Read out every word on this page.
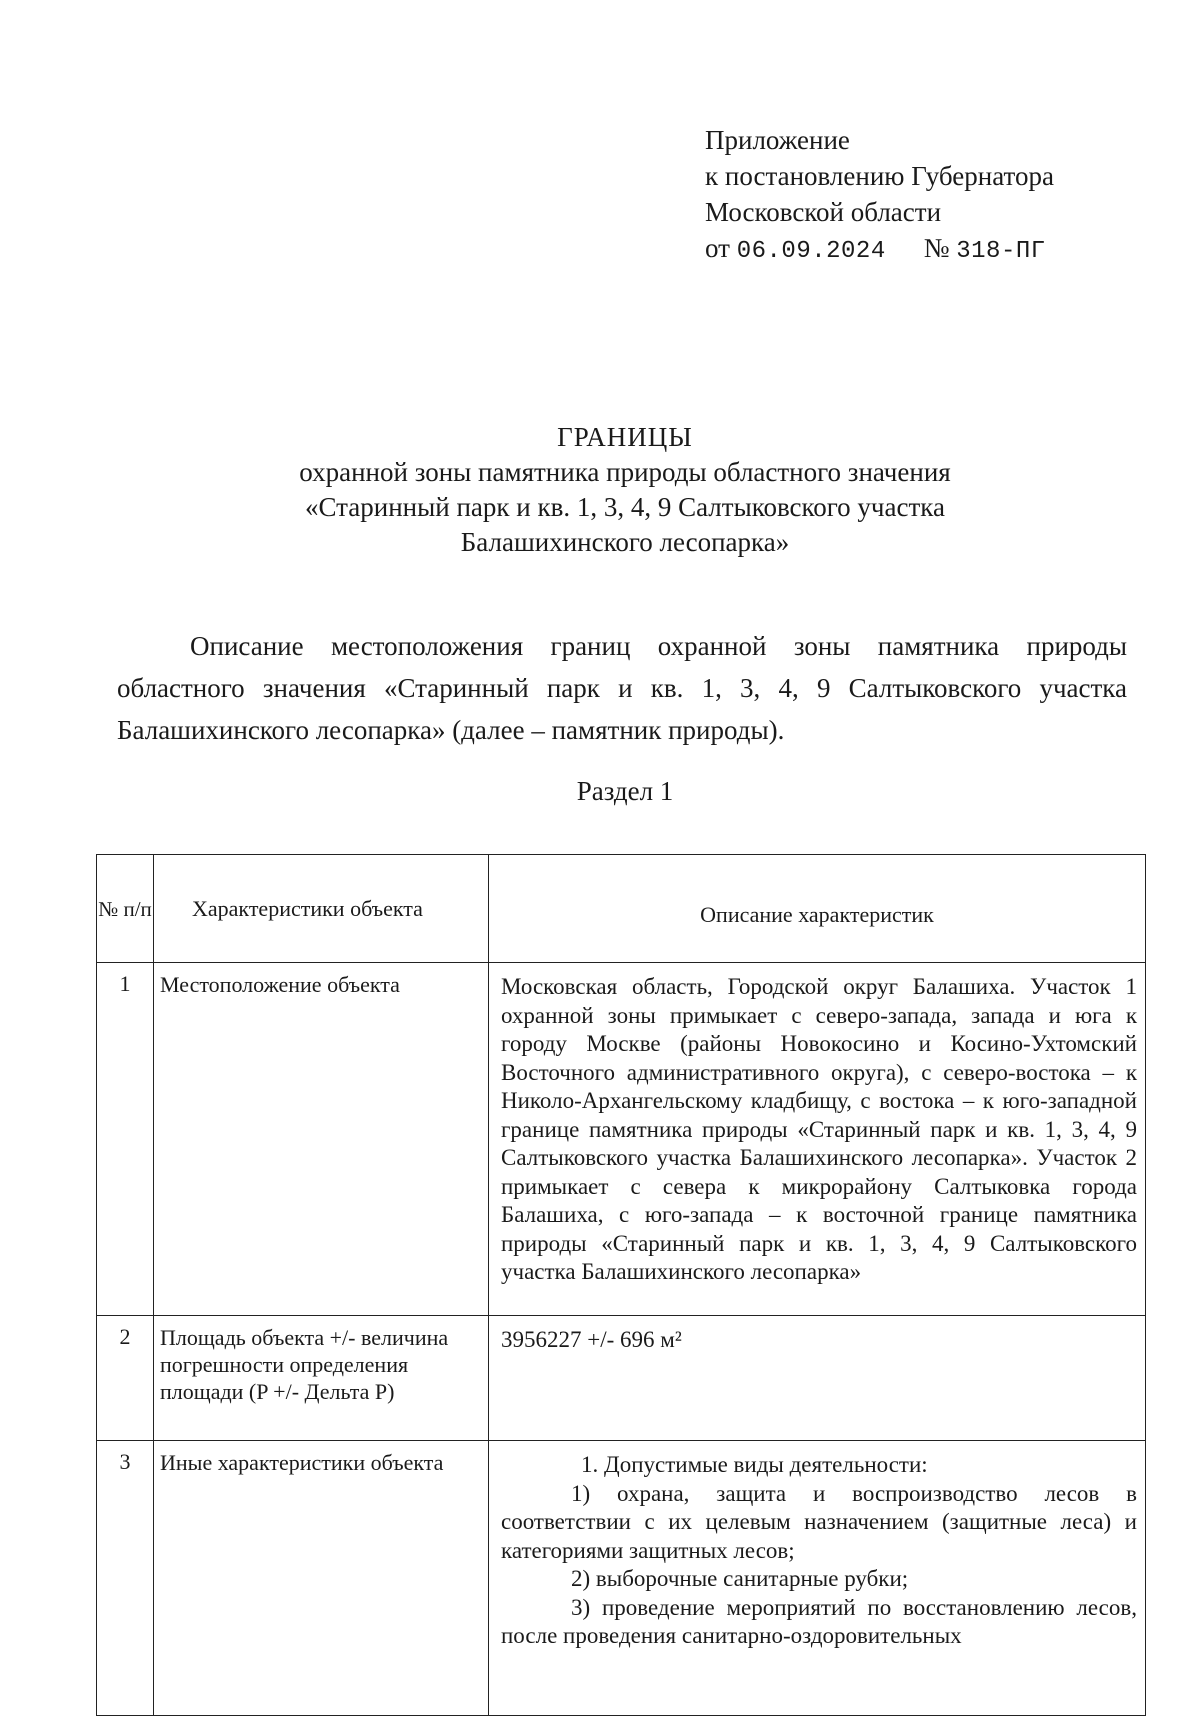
Приложение
к постановлению Губернатора
Московской области
от 06.09.2024 № 318-ПГ
ГРАНИЦЫ
охранной зоны памятника природы областного значения
«Старинный парк и кв. 1, 3, 4, 9 Салтыковского участка
Балашихинского лесопарка»
Описание местоположения границ охранной зоны памятника природы областного значения «Старинный парк и кв. 1, 3, 4, 9 Салтыковского участка Балашихинского лесопарка» (далее – памятник природы).
Раздел 1
№ п/п	Характеристики объекта	Описание характеристик
1	Местоположение объекта	Московская область, Городской округ Балашиха. Участок 1 охранной зоны примыкает с северо-запада, запада и юга к городу Москве (районы Новокосино и Косино-Ухтомский Восточного административного округа), с северо-востока – к Николо-Архангельскому кладбищу, с востока – к юго-западной границе памятника природы «Старинный парк и кв. 1, 3, 4, 9 Салтыковского участка Балашихинского лесопарка». Участок 2 примыкает с севера к микрорайону Салтыковка города Балашиха, с юго-запада – к восточной границе памятника природы «Старинный парк и кв. 1, 3, 4, 9 Салтыковского участка Балашихинского лесопарка»
2	Площадь объекта +/- величина погрешности определения площади (P +/- Дельта P)	3956227 +/- 696 м²
3	Иные характеристики объекта	1. Допустимые виды деятельности:
1) охрана, защита и воспроизводство лесов в соответствии с их целевым назначением (защитные леса) и категориями защитных лесов;
2) выборочные санитарные рубки;
3) проведение мероприятий по восстановлению лесов, после проведения санитарно-оздоровительных
